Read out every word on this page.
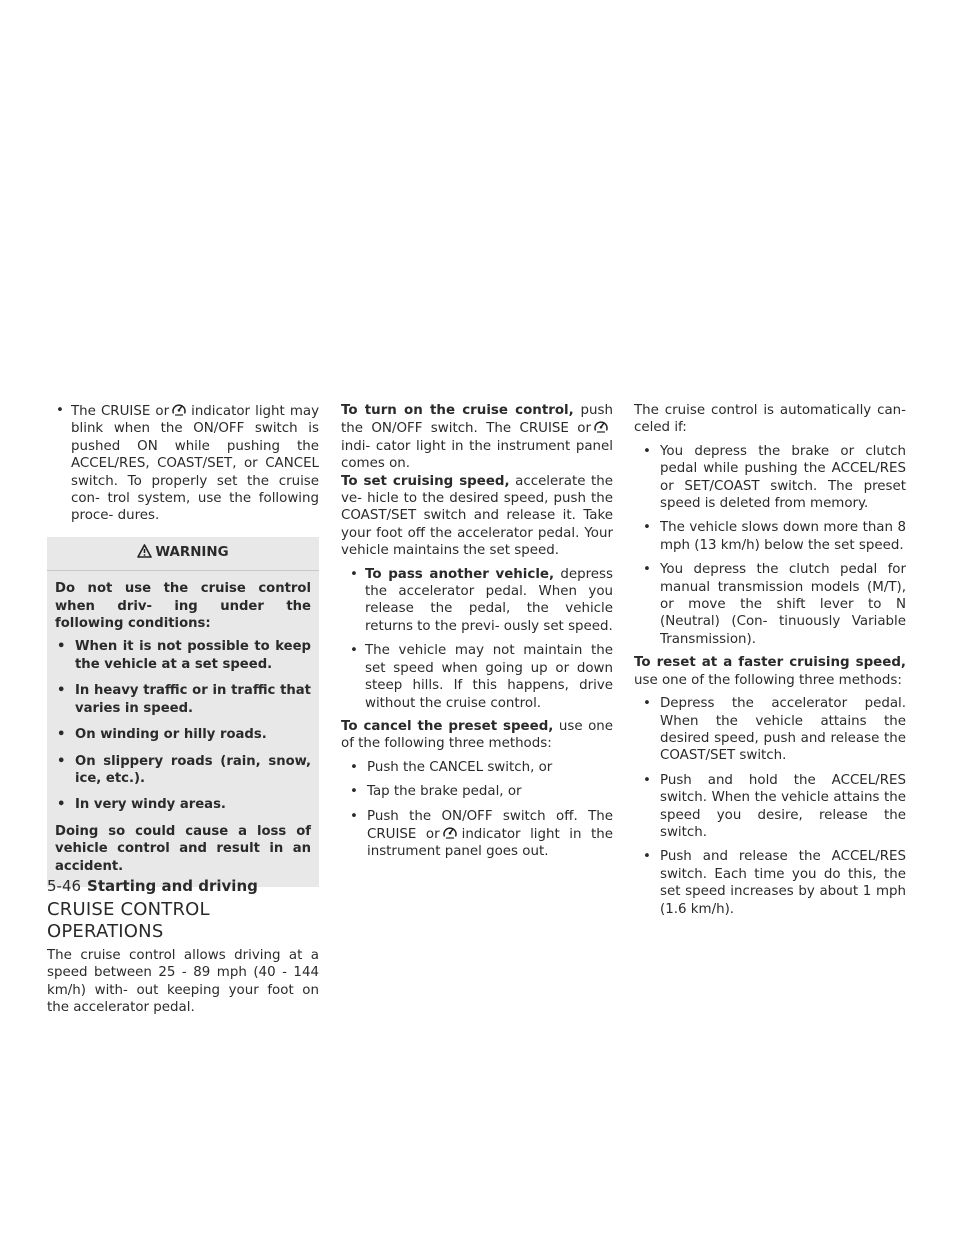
• The CRUISE or indicator light may blink when the ON/OFF switch is pushed ON while pushing the ACCEL/RES, COAST/SET, or CANCEL switch. To properly set the cruise con- trol system, use the following proce- dures.

WARNING

Do not use the cruise control when driv- ing under the following conditions:

• When it is not possible to keep the vehicle at a set speed.

• In heavy traffic or in traffic that varies in speed.

• On winding or hilly roads.

• On slippery roads (rain, snow, ice, etc.).

• In very windy areas.

Doing so could cause a loss of vehicle control and result in an accident.

CRUISE CONTROL OPERATIONS

The cruise control allows driving at a speed between 25 - 89 mph (40 - 144 km/h) with- out keeping your foot on the accelerator pedal.

To turn on the cruise control, push the ON/OFF switch. The CRUISE orindi- cator light in the instrument panel comes on.

To set cruising speed, accelerate the ve- hicle to the desired speed, push the COAST/SET switch and release it. Take your foot off the accelerator pedal. Your vehicle maintains the set speed.

• To pass another vehicle, depress the accelerator pedal. When you release the pedal, the vehicle returns to the previ- ously set speed.

• The vehicle may not maintain the set speed when going up or down steep hills. If this happens, drive without the cruise control.

To cancel the preset speed, use one of the following three methods:

• Push the CANCEL switch, or

• Tap the brake pedal, or

• Push the ON/OFF switch off. The CRUISE or indicator light in the instrument panel goes out.

The cruise control is automatically can- celed if:

• You depress the brake or clutch pedal while pushing the ACCEL/RES or SET/COAST switch. The preset speed is deleted from memory.

• The vehicle slows down more than 8 mph (13 km/h) below the set speed.

• You depress the clutch pedal for manual transmission models (M/T), or move the shift lever to N (Neutral) (Con- tinuously Variable Transmission).

To reset at a faster cruising speed, use one of the following three methods:

• Depress the accelerator pedal. When the vehicle attains the desired speed, push and release the COAST/SET switch.

• Push and hold the ACCEL/RES switch. When the vehicle attains the speed you desire, release the switch.

• Push and release the ACCEL/RES switch. Each time you do this, the set speed increases by about 1 mph (1.6 km/h).

5-46 Starting and driving
